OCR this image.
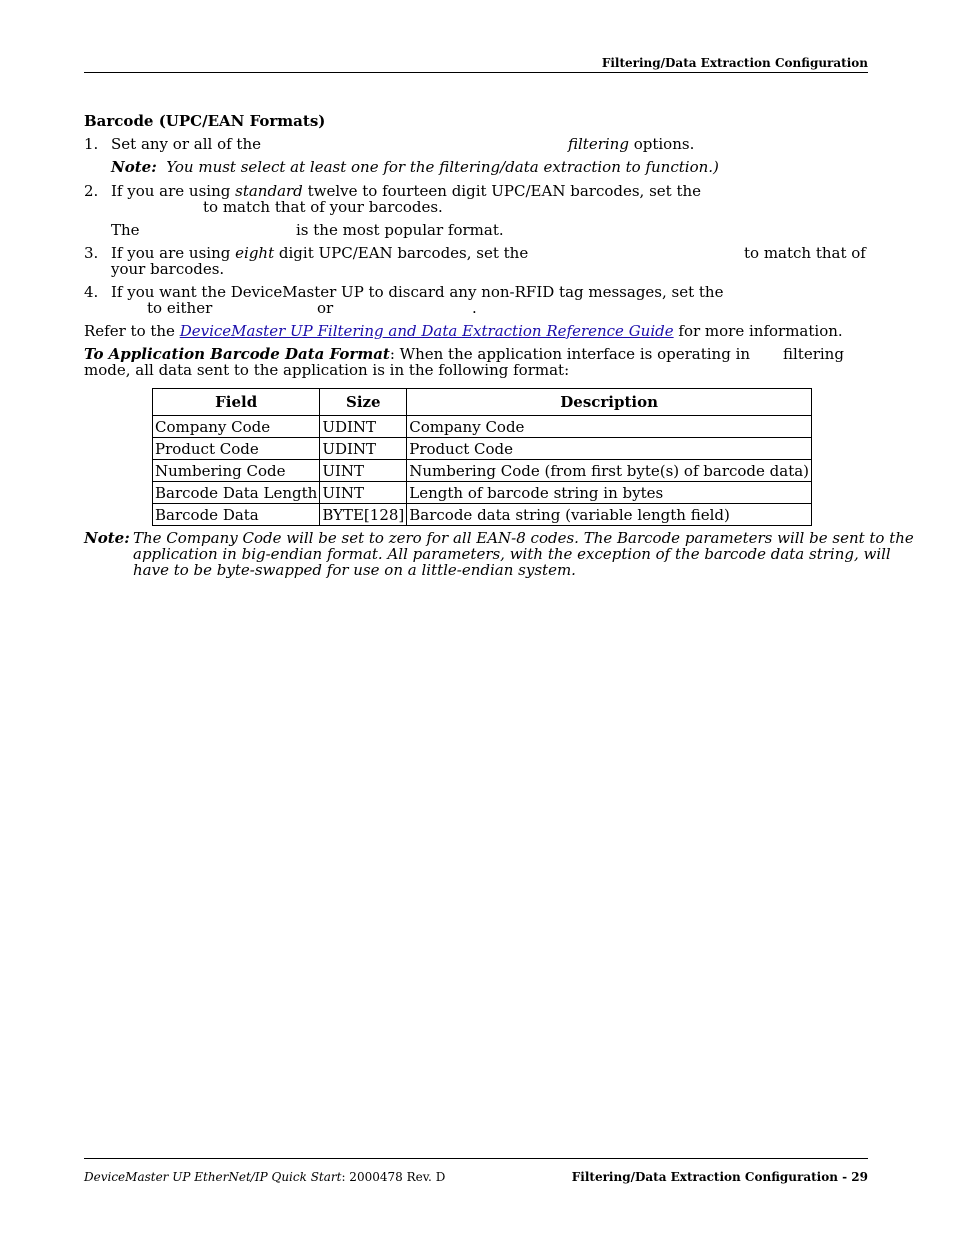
Filtering/Data Extraction Configuration
Barcode (UPC/EAN Formats)
1. Set any or all of the	filtering options.
Note: You must select at least one for the filtering/data extraction to function.)
2. If you are using standard twelve to fourteen digit UPC/EAN barcodes, set the
to match that of your barcodes.
The	is the most popular format.
3. If you are using eight digit UPC/EAN barcodes, set the	to match that of
your barcodes.
4. If you want the DeviceMaster UP to discard any non-RFID tag messages, set the
to either	or	.
Refer to the DeviceMaster UP Filtering and Data Extraction Reference Guide for more information.
To Application Barcode Data Format: When the application interface is operating in filtering
mode, all data sent to the application is in the following format:
Field	Size	Description
Company Code	UDINT	Company Code
Product Code	UDINT	Product Code
Numbering Code	UINT	Numbering Code (from first byte(s) of barcode data)
Barcode Data Length	UINT	Length of barcode string in bytes
Barcode Data	BYTE[128]	Barcode data string (variable length field)
Note: The Company Code will be set to zero for all EAN-8 codes. The Barcode parameters will be sent to the
application in big-endian format. All parameters, with the exception of the barcode data string, will
have to be byte-swapped for use on a little-endian system.
DeviceMaster UP EtherNet/IP Quick Start: 2000478 Rev. D	Filtering/Data Extraction Configuration - 29
